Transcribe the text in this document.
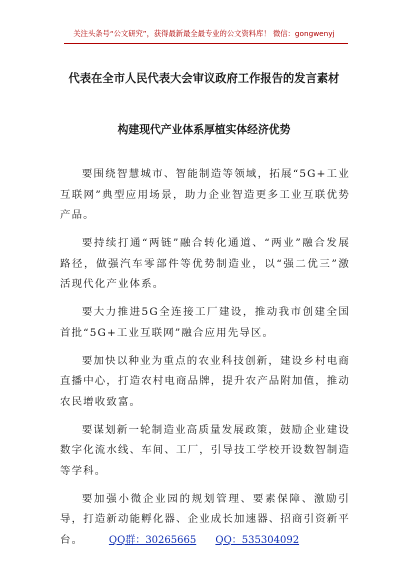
关注头条号“公文研究”，获得最新最全最专业的公文资料库！ 微信：gongwenyj
代表在全市人民代表大会审议政府工作报告的发言素材
构建现代产业体系厚植实体经济优势

要围绕智慧城市、智能制造等领域，拓展“5G+工业互联网”典型应用场景，助力企业智造更多工业互联优势产品。

要持续打通“两链”融合转化通道、“两业”融合发展路径，做强汽车零部件等优势制造业，以“强二优三”激活现代化产业体系。

要大力推进5G全连接工厂建设，推动我市创建全国首批“5G+工业互联网”融合应用先导区。

要加快以种业为重点的农业科技创新，建设乡村电商直播中心，打造农村电商品牌，提升农产品附加值，推动农民增收致富。

要谋划新一轮制造业高质量发展政策，鼓励企业建设数字化流水线、车间、工厂，引导技工学校开设数智制造等学科。

要加强小微企业园的规划管理、要素保障、激励引导，打造新动能孵化器、企业成长加速器、招商引资新平台。	QQ群：30265665 QQ：535304092
